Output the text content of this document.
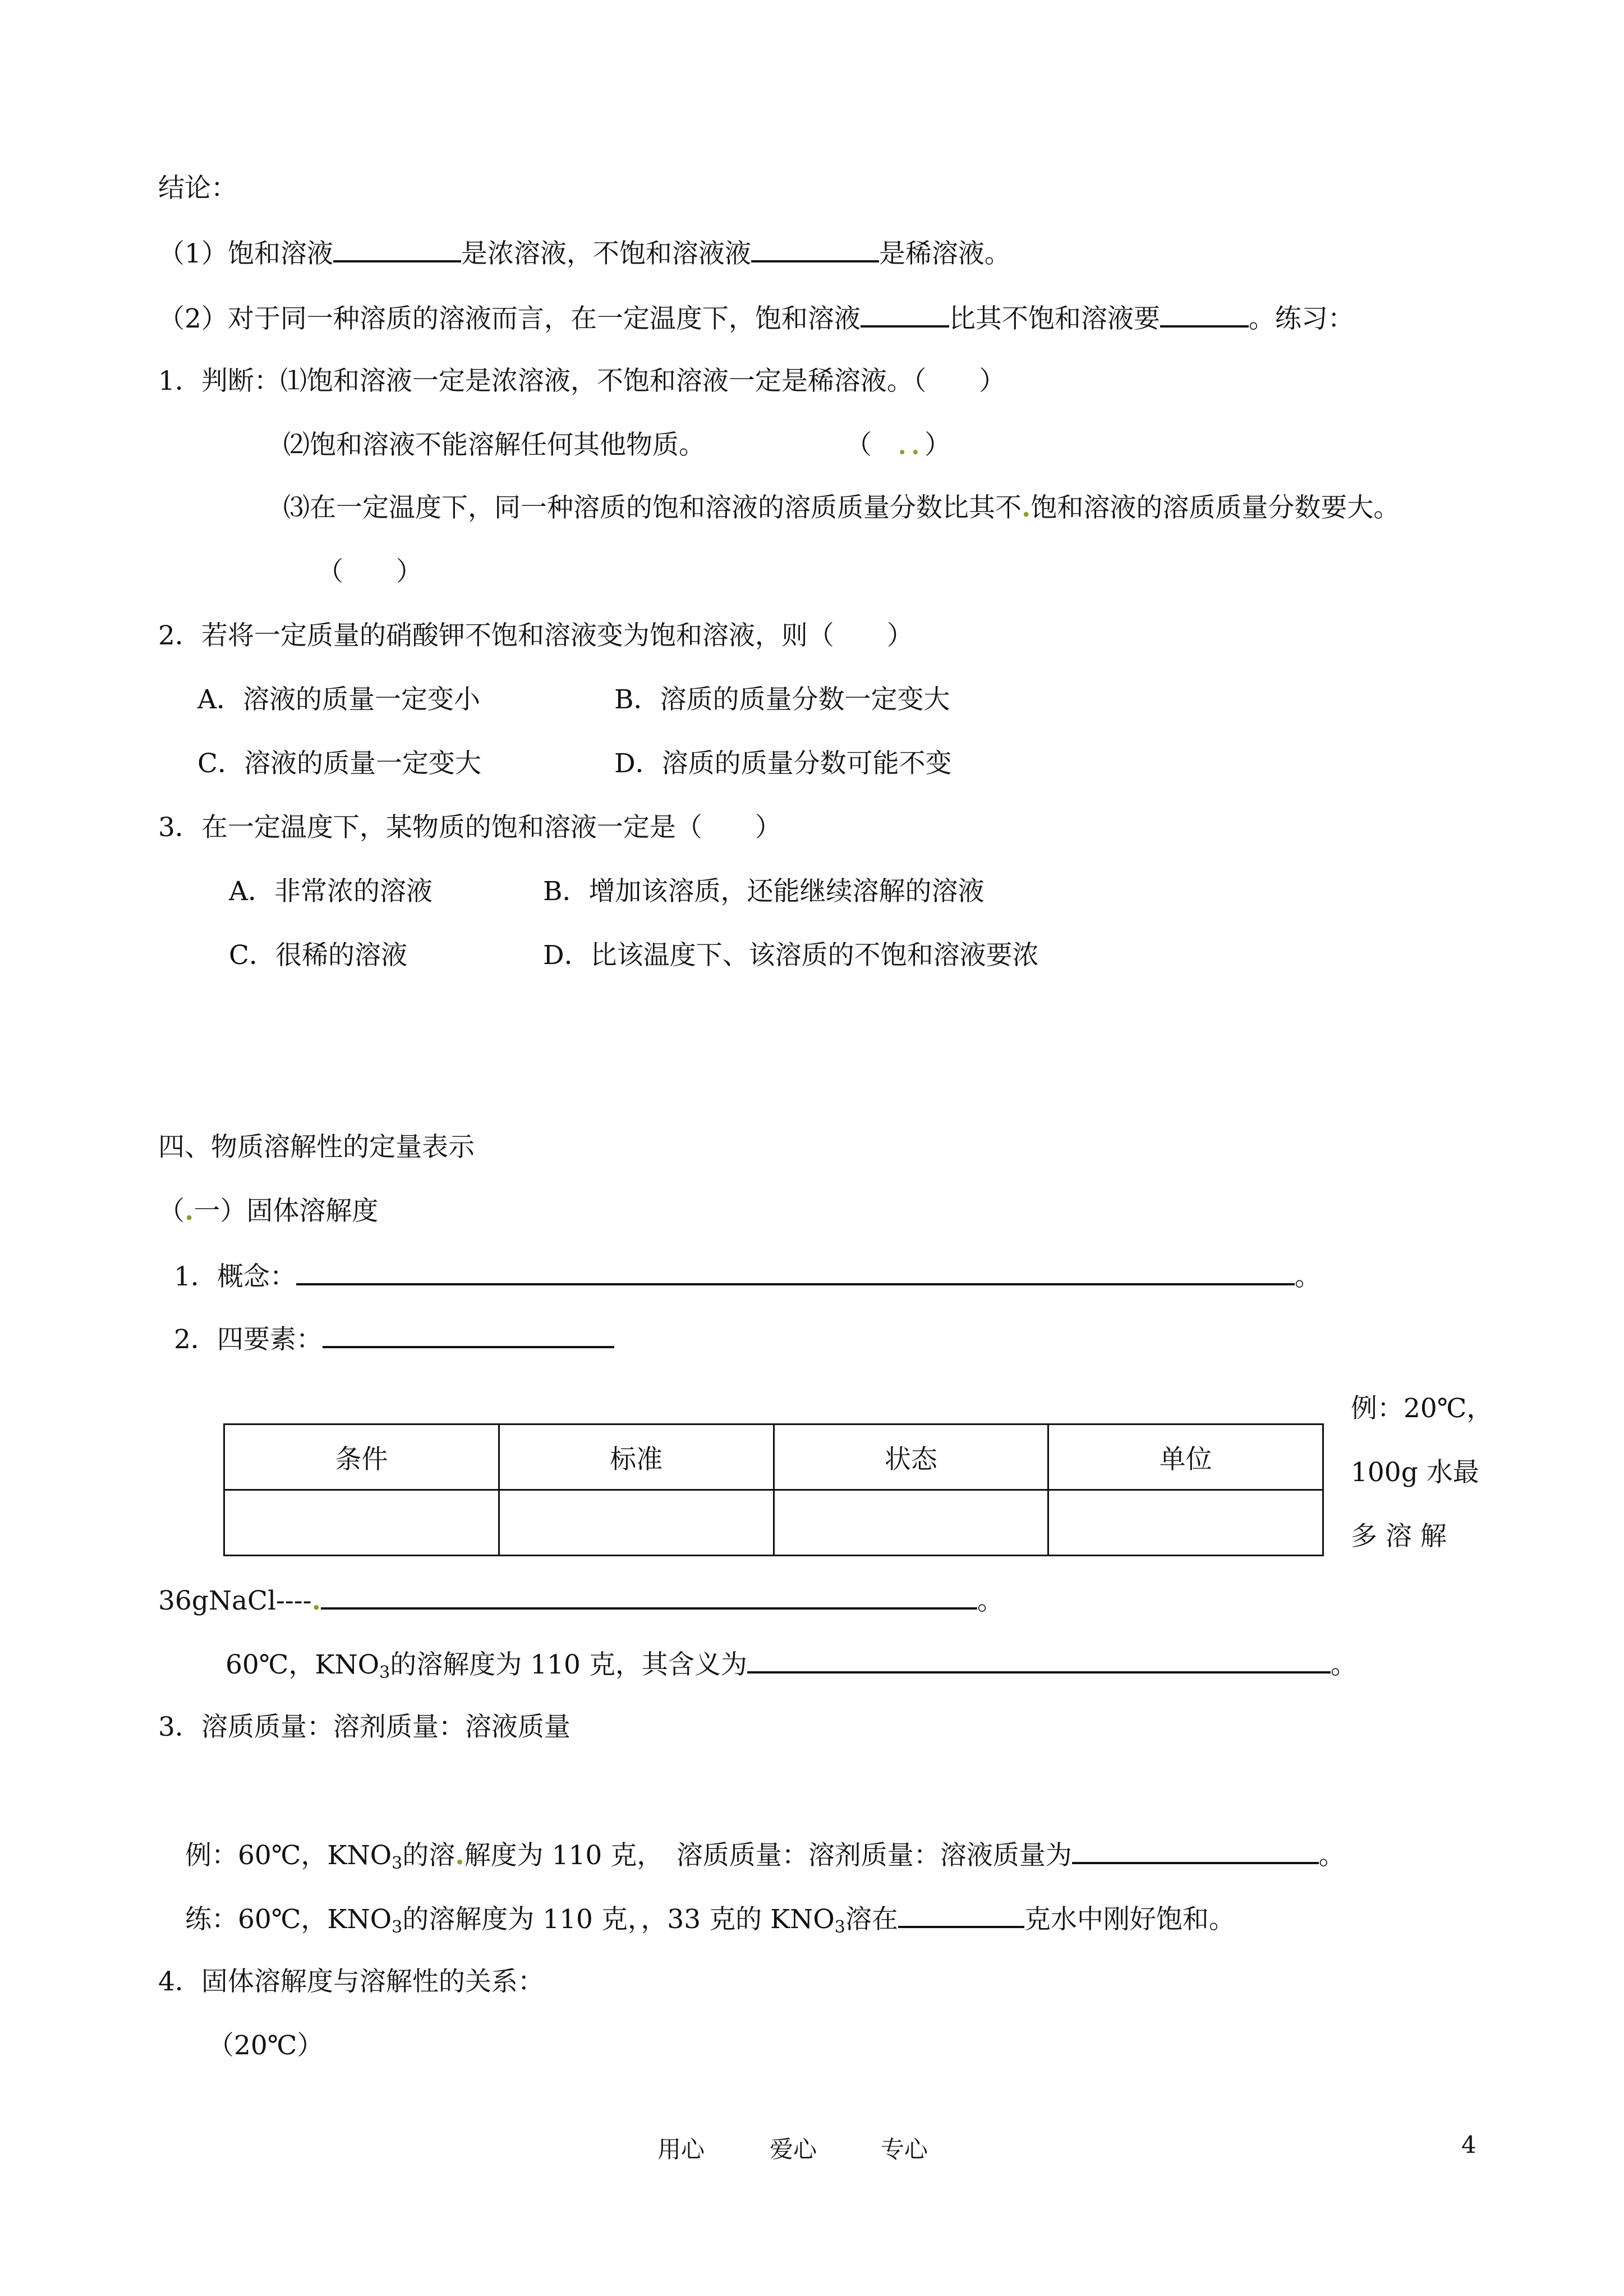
结论：
（1）饱和溶液	是浓溶液，不饱和溶液液	是稀溶液。
（2）对于同一种溶质的溶液而言，在一定温度下，饱和溶液	比其不饱和溶液要	。练习：
1．判断：⑴饱和溶液一定是浓溶液，不饱和溶液一定是稀溶液。（　　）
⑵饱和溶液不能溶解任何其他物质。	（　．．）
⑶在一定温度下，同一种溶质的饱和溶液的溶质质量分数比其不.饱和溶液的溶质质量分数要大。
（　　）
2．若将一定质量的硝酸钾不饱和溶液变为饱和溶液，则（　　）
A．溶液的质量一定变小	B．溶质的质量分数一定变大
C．溶液的质量一定变大	D．溶质的质量分数可能不变
3．在一定温度下，某物质的饱和溶液一定是（　　）
A．非常浓的溶液	B．增加该溶质，还能继续溶解的溶液
C．很稀的溶液	D．比该温度下、该溶质的不饱和溶液要浓
四、物质溶解性的定量表示
（.一）固体溶解度
1．概念：	。
2．四要素：
条件	标准	状态	单位

例：20℃，
100g 水最
多 溶 解
36gNaCl----.	。
60℃，$KNO_3$的溶解度为 110 克，其含义为	。
3．溶质质量：溶剂质量：溶液质量
例：60℃，$KNO_3$的溶.解度为 110 克，　溶质质量：溶剂质量：溶液质量为	。
练：60℃，$KNO_3$的溶解度为 110 克，，33 克的 $KNO_3$溶在	克水中刚好饱和。
4．固体溶解度与溶解性的关系：
（20℃）
用心	爱心	专心	4
